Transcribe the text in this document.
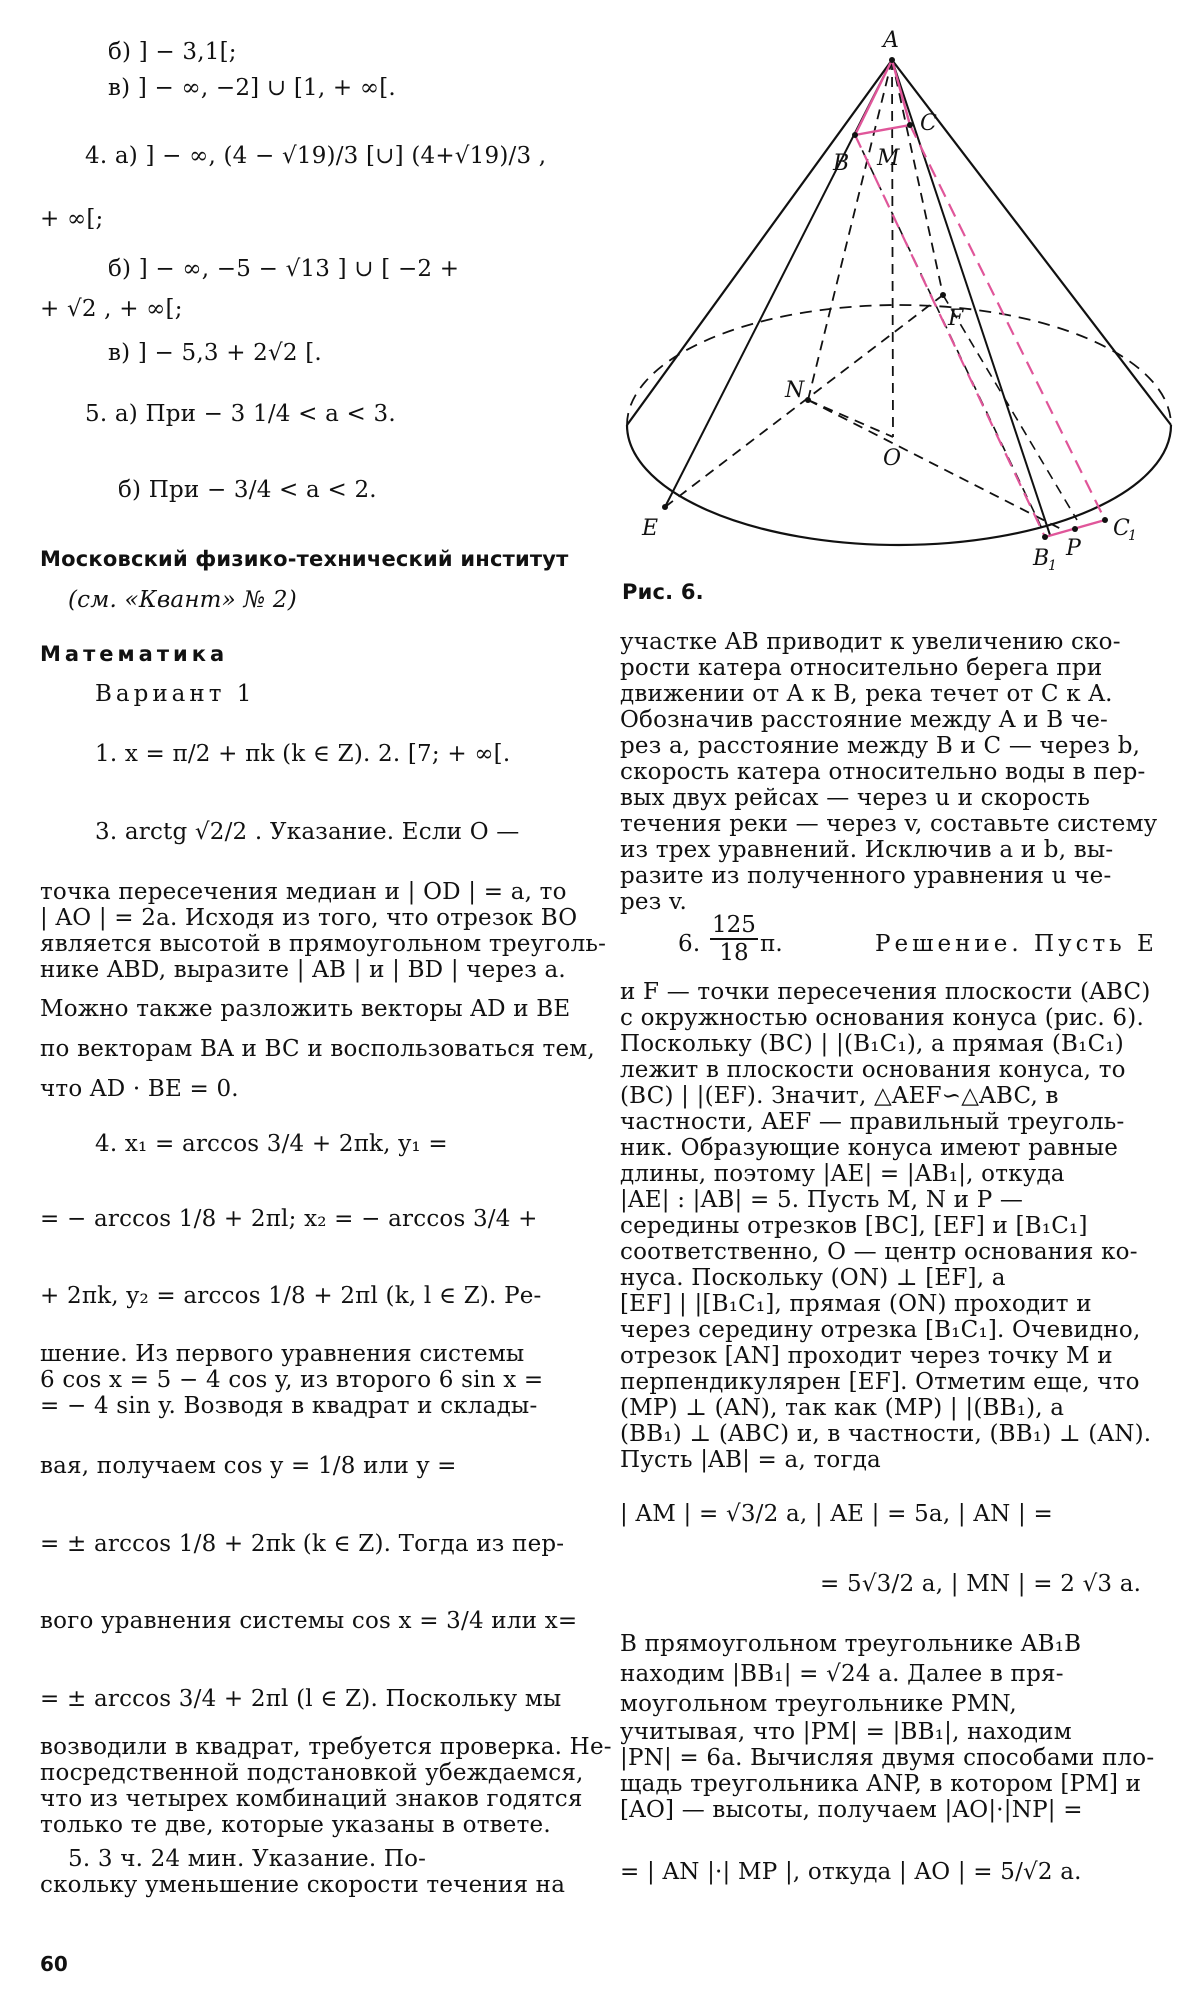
б) ] − 3,1[;
в) ] − ∞, −2] ∪ [1, + ∞[.
4. а) ] − ∞, (4 − √19)/3 [∪] (4+√19)/3 ,
+ ∞[;
б) ] − ∞, −5 − √13 ] ∪ [ −2 +
+ √2 , + ∞[;
в) ] − 5,3 + 2√2 [.
5. а) При − 3 1/4 < a < 3.
б) При − 3/4 < a < 2.
Московский физико-технический институт
(см. «Квант» № 2)
Математика
Вариант 1
1. x = π/2 + πk (k ∈ Z). 2. [7; + ∞[.
3. arctg √2/2 . Указание. Если O —
точка пересечения медиан и | OD | = a, то
| AO | = 2a. Исходя из того, что отрезок BO
является высотой в прямоугольном треуголь-
нике ABD, выразите | AB | и | BD | через a.
Можно также разложить векторы AD и BE
по векторам BA и BC и воспользоваться тем,
что AD · BE = 0.
4. x₁ = arccos 3/4 + 2πk, y₁ =
= − arccos 1/8 + 2πl; x₂ = − arccos 3/4 +
+ 2πk, y₂ = arccos 1/8 + 2πl (k, l ∈ Z). Ре-
шение. Из первого уравнения системы
6 cos x = 5 − 4 cos y, из второго 6 sin x =
= − 4 sin y. Возводя в квадрат и склады-
вая, получаем cos y = 1/8 или y =
= ± arccos 1/8 + 2πk (k ∈ Z). Тогда из пер-
вого уравнения системы cos x = 3/4 или x=
= ± arccos 3/4 + 2πl (l ∈ Z). Поскольку мы
возводили в квадрат, требуется проверка. Не-
посредственной подстановкой убеждаемся,
что из четырех комбинаций знаков годятся
только те две, которые указаны в ответе.
5. 3 ч. 24 мин. Указание. По-
скольку уменьшение скорости течения на
A
B
C
M
F
N
O
E
B
1
P
C
1
Рис. 6.
участке AB приводит к увеличению ско-
рости катера относительно берега при
движении от A к B, река течет от C к A.
Обозначив расстояние между A и B че-
рез a, расстояние между B и C — через b,
скорость катера относительно воды в пер-
вых двух рейсах — через u и скорость
течения реки — через v, составьте систему
из трех уравнений. Исключив a и b, вы-
разите из полученного уравнения u че-
рез v.
6. $\frac{125}{18} \pi$.	Решение. Пусть E
и F — точки пересечения плоскости (ABC)
с окружностью основания конуса (рис. 6).
Поскольку (BC) | |(B₁C₁), а прямая (B₁C₁)
лежит в плоскости основания конуса, то
(BC) | |(EF). Значит, △AEF∽△ABC, в
частности, AEF — правильный треуголь-
ник. Образующие конуса имеют равные
длины, поэтому |AE| = |AB₁|, откуда
|AE| : |AB| = 5. Пусть M, N и P —
середины отрезков [BC], [EF] и [B₁C₁]
соответственно, O — центр основания ко-
нуса. Поскольку (ON) ⊥ [EF], а
[EF] | |[B₁C₁], прямая (ON) проходит и
через середину отрезка [B₁C₁]. Очевидно,
отрезок [AN] проходит через точку M и
перпендикулярен [EF]. Отметим еще, что
(MP) ⊥ (AN), так как (MP) | |(BB₁), а
(BB₁) ⊥ (ABC) и, в частности, (BB₁) ⊥ (AN).
Пусть |AB| = a, тогда
| AM | = √3/2 a, | AE | = 5a, | AN | =
= 5√3/2 a, | MN | = 2 √3 a.
В прямоугольном треугольнике AB₁B
находим |BB₁| = √24 a. Далее в пря-
моугольном треугольнике PMN,
учитывая, что |PM| = |BB₁|, находим
|PN| = 6a. Вычисляя двумя способами пло-
щадь треугольника ANP, в котором [PM] и
[AO] — высоты, получаем |AO|·|NP| =
= | AN |·| MP |, откуда | AO | = 5/√2 a.
60
